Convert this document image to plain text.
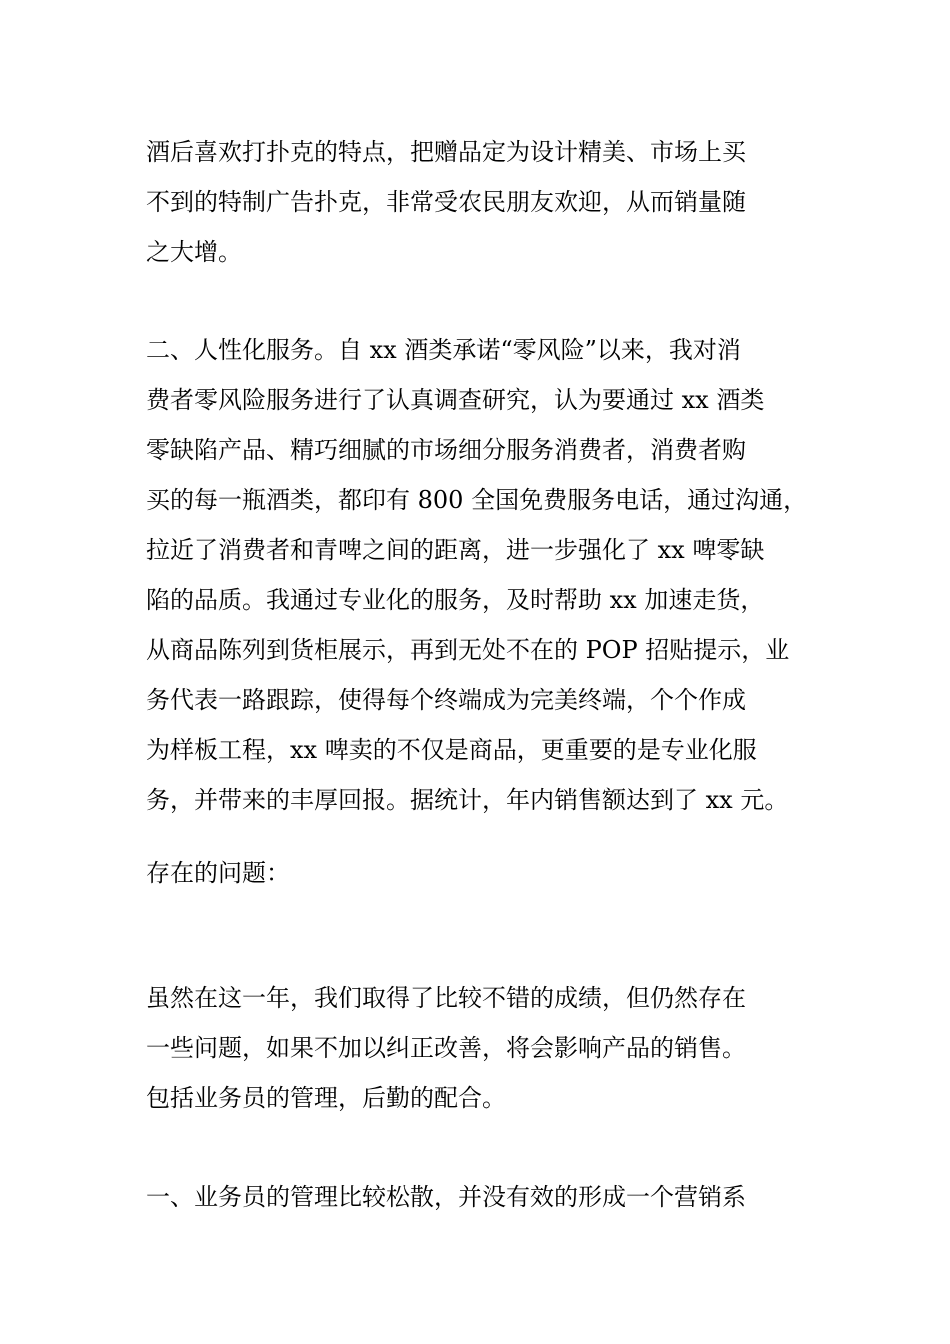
酒后喜欢打扑克的特点，把赠品定为设计精美、市场上买
不到的特制广告扑克，非常受农民朋友欢迎，从而销量随
之大增。
二、人性化服务。自 xx 酒类承诺“零风险”以来，我对消
费者零风险服务进行了认真调查研究，认为要通过 xx 酒类
零缺陷产品、精巧细腻的市场细分服务消费者，消费者购
买的每一瓶酒类，都印有 800 全国免费服务电话，通过沟通，
拉近了消费者和青啤之间的距离，进一步强化了 xx 啤零缺
陷的品质。我通过专业化的服务，及时帮助 xx 加速走货，
从商品陈列到货柜展示，再到无处不在的 POP 招贴提示，业
务代表一路跟踪，使得每个终端成为完美终端，个个作成
为样板工程，xx 啤卖的不仅是商品，更重要的是专业化服
务，并带来的丰厚回报。据统计，年内销售额达到了 xx 元。
存在的问题：
虽然在这一年，我们取得了比较不错的成绩，但仍然存在
一些问题，如果不加以纠正改善，将会影响产品的销售。
包括业务员的管理，后勤的配合。
一、业务员的管理比较松散，并没有效的形成一个营销系
